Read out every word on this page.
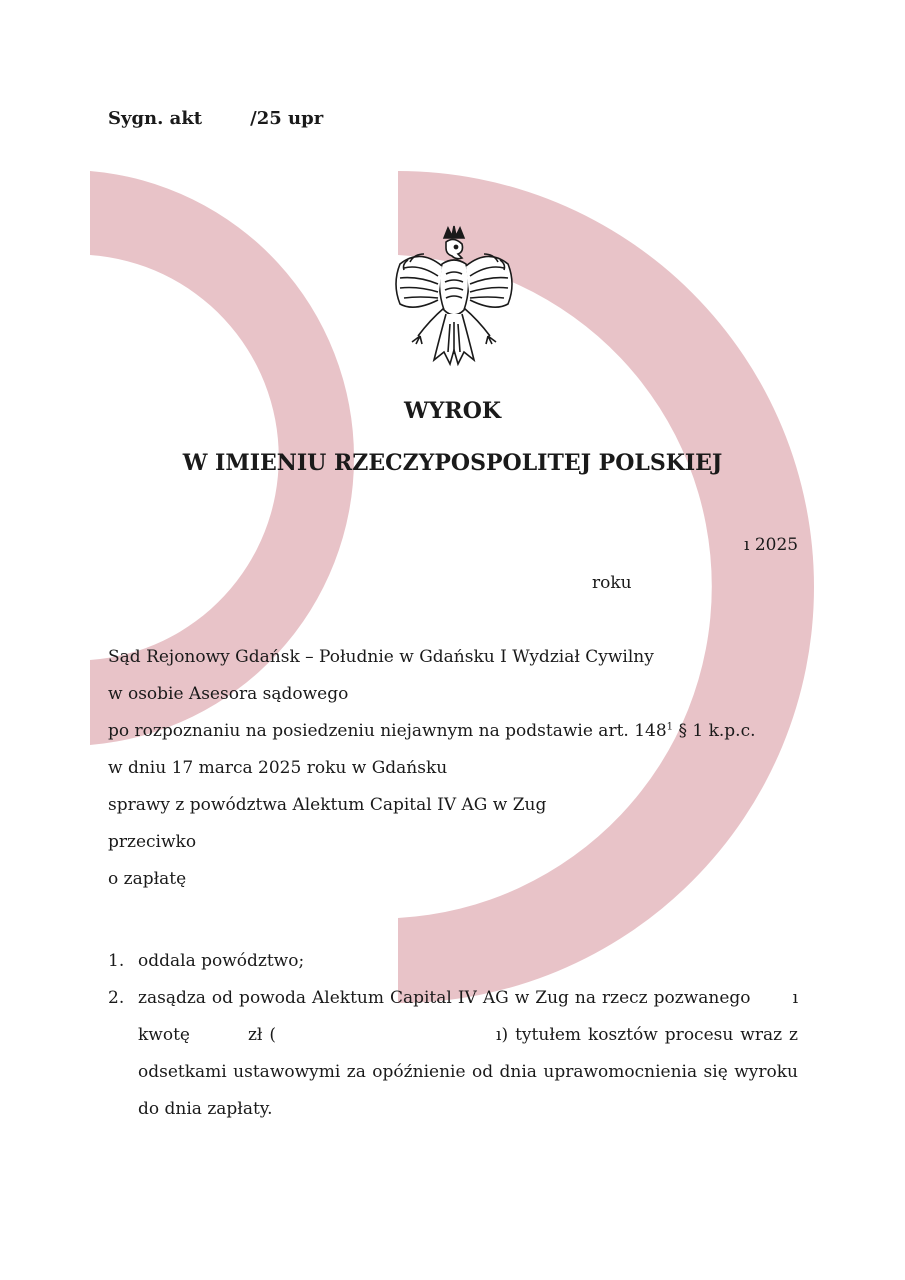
Sygn. akt	/25 upr
WYROK
W IMIENIU RZECZYPOSPOLITEJ POLSKIEJ
ı 2025
roku
Sąd Rejonowy Gdańsk – Południe w Gdańsku I Wydział Cywilny
w osobie Asesora sądowego
po rozpoznaniu na posiedzeniu niejawnym na podstawie art. $148^1$ § 1 k.p.c.
w dniu 17 marca 2025 roku w Gdańsku
sprawy z powództwa Alektum Capital IV AG w Zug
przeciwko
o zapłatę
1. oddala powództwo;
2. zasądza od powoda Alektum Capital IV AG w Zug na rzecz pozwanego ı kwotę	zł (	ı) tytułem kosztów procesu wraz z odsetkami ustawowymi za opóźnienie od dnia uprawomocnienia się wyroku do dnia zapłaty.
